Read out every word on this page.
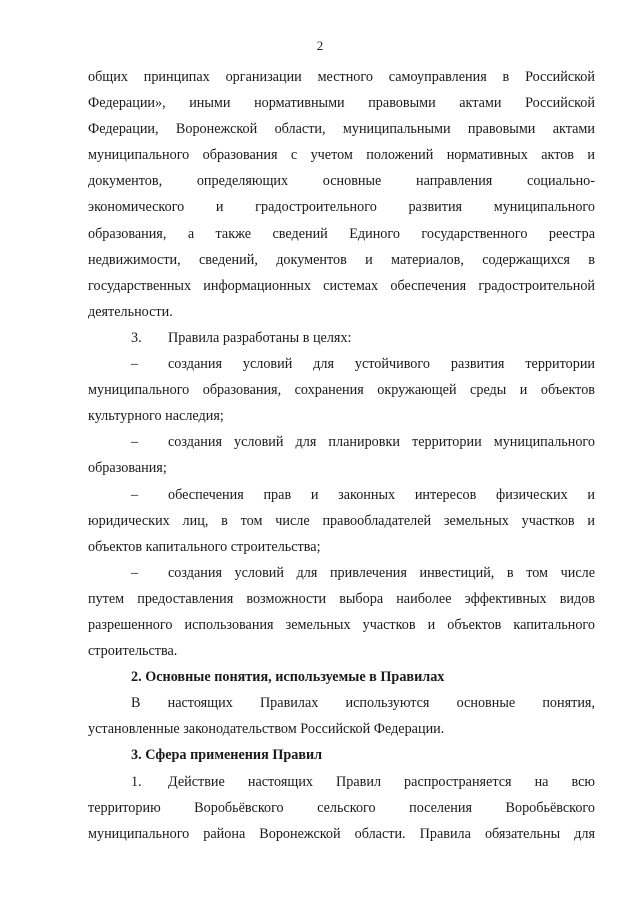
2
общих принципах организации местного самоуправления в Российской
Федерации», иными нормативными правовыми актами Российской
Федерации, Воронежской области, муниципальными правовыми актами
муниципального образования с учетом положений нормативных актов и
документов, определяющих основные направления социально-
экономического и градостроительного развития муниципального
образования, а также сведений Единого государственного реестра
недвижимости, сведений, документов и материалов, содержащихся в
государственных информационных системах обеспечения градостроительной
деятельности.
3.	Правила разработаны в целях:
–	создания условий для устойчивого развития территории
муниципального образования, сохранения окружающей среды и объектов
культурного наследия;
–	создания условий для планировки территории муниципального
образования;
–	обеспечения прав и законных интересов физических и
юридических лиц, в том числе правообладателей земельных участков и
объектов капитального строительства;
–	создания условий для привлечения инвестиций, в том числе
путем предоставления возможности выбора наиболее эффективных видов
разрешенного использования земельных участков и объектов капитального
строительства.
2. Основные понятия, используемые в Правилах
В настоящих Правилах используются основные понятия,
установленные законодательством Российской Федерации.
3. Сфера применения Правил
1.	Действие настоящих Правил распространяется на всю
территорию Воробьёвского сельского поселения Воробьёвского
муниципального района Воронежской области. Правила обязательны для
